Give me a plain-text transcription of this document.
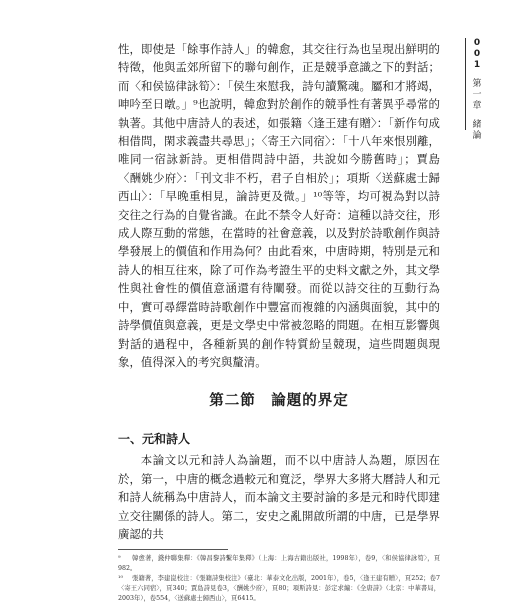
性，即使是「餘事作詩人」的韓愈，其交往行為也呈現出鮮明的特徵，他與孟郊所留下的聯句創作，正是競爭意識之下的對話；而〈和侯協律詠筍〉：「侯生來慰我，詩句讀驚魂。屬和才將竭，呻吟至日暾。」⁹也說明，韓愈對於創作的競爭性有著異乎尋常的執著。其他中唐詩人的表述，如張籍〈逢王建有贈〉：「新作句成相借問，閑求義盡共尋思」；〈寄王六同宿〉：「十八年來恨別離，唯同一宿詠新詩。更相借問詩中語，共說如今勝舊時」；賈島〈酬姚少府〉：「刊文非不朽，君子自相於」；項斯〈送蘇處士歸西山〉：「早晚重相見，論詩更及微。」¹⁰等等，均可視為對以詩交往之行為的自覺省識。在此不禁令人好奇：這種以詩交往，形成人際互動的常態，在當時的社會意義，以及對於詩歌創作與詩學發展上的價值和作用為何？由此看來，中唐時期，特別是元和詩人的相互往來，除了可作為考證生平的史料文獻之外，其文學性與社會性的價值意涵還有待闡發。而從以詩交往的互動行為中，實可尋繹當時詩歌創作中豐富而複雜的內涵與面貌，其中的詩學價值與意義，更是文學史中常被忽略的問題。在相互影響與對話的過程中，各種新異的創作特質紛呈競現，這些問題與現象，值得深入的考究與釐清。

第二節　論題的界定
一、元和詩人

本論文以元和詩人為論題，而不以中唐詩人為題，原因在於，第一，中唐的概念過較元和寬泛，學界大多將大曆詩人和元和詩人統稱為中唐詩人，而本論文主要討論的多是元和時代即建立交往關係的詩人。第二，安史之亂開啟所謂的中唐，已是學界廣認的共

⁹ 韓愈著，錢仲聯集釋：《韓昌黎詩繫年集釋》（上海：上海古籍出版社，1998年），卷9，〈和侯協律詠筍〉，頁982。

¹⁰ 張籍著，李建崑校注：《張籍詩集校注》（臺北：華泰文化出版，2001年），卷5，〈逢王建有贈〉，頁252；卷7〈寄王六同宿〉，頁340；賈島詩見卷3，〈酬姚少府〉，頁80；項斯詩見：彭定求編：《全唐詩》（北京：中華書局，2003年），卷554，〈送蘇處士歸西山〉，頁6415。

0
0
1
第
一
章
緒
論
